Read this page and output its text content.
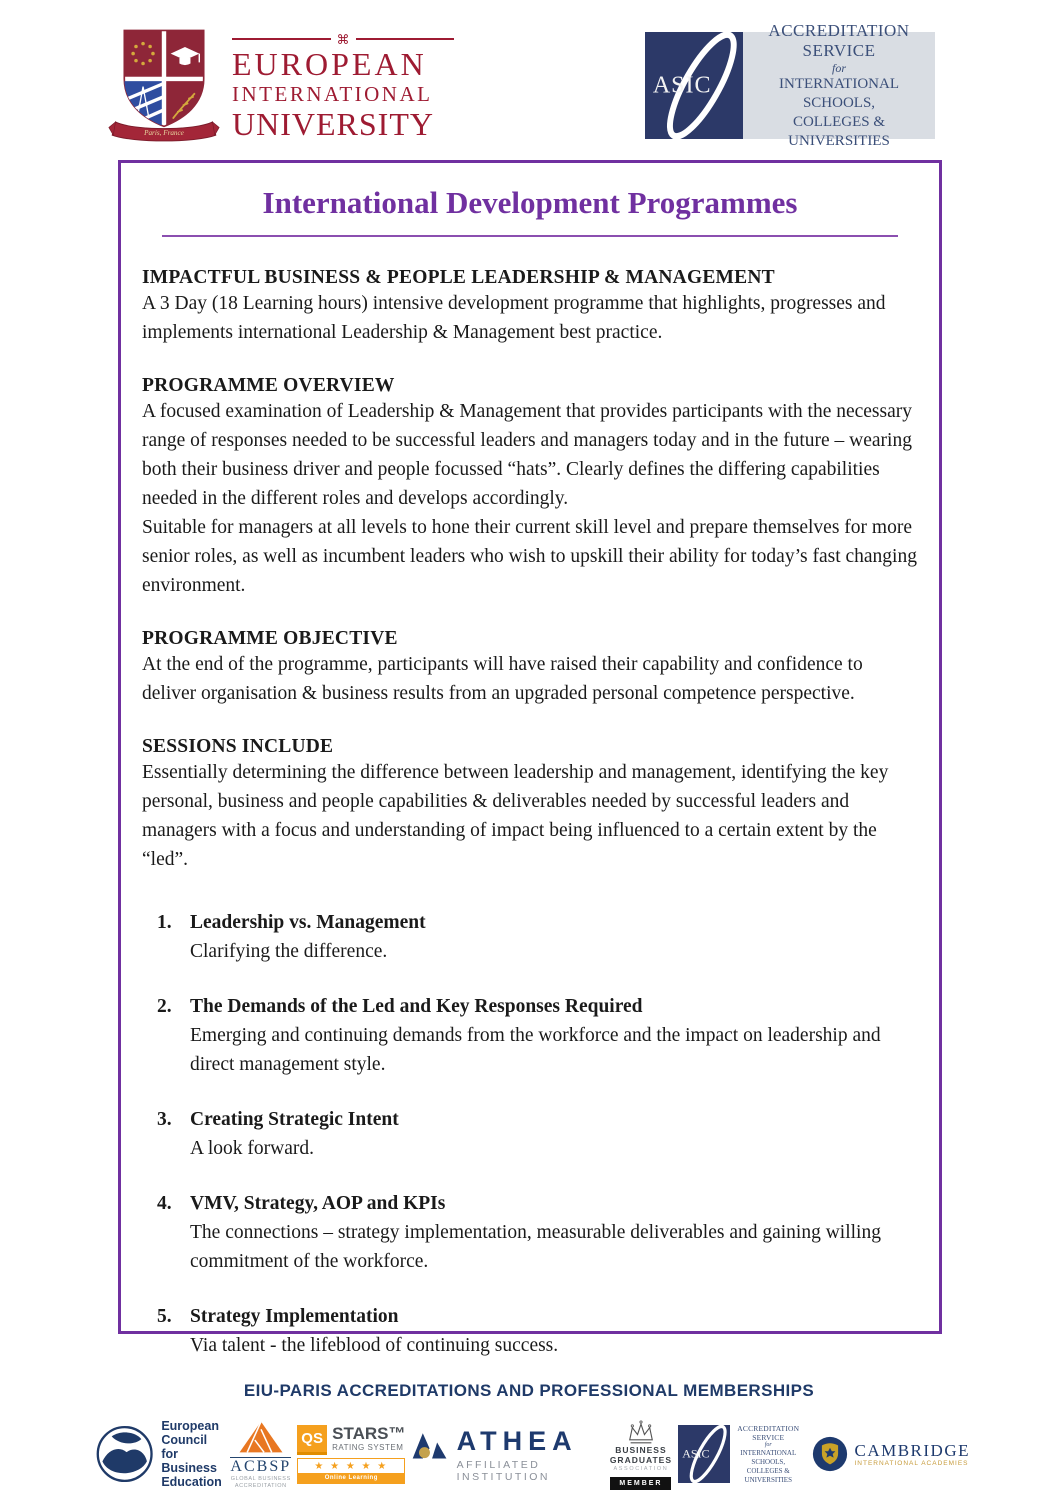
Paris, France
⌘
EUROPEAN
INTERNATIONAL
UNIVERSITY
ASIC
ACCREDITATION SERVICE
for
INTERNATIONAL SCHOOLS,
COLLEGES & UNIVERSITIES
International Development Programmes
IMPACTFUL BUSINESS & PEOPLE LEADERSHIP & MANAGEMENT

A 3 Day (18 Learning hours) intensive development programme that highlights, progresses and implements international Leadership & Management best practice.

PROGRAMME OVERVIEW

A focused examination of Leadership & Management that provides participants with the necessary range of responses needed to be successful leaders and managers today and in the future – wearing both their business driver and people focussed “hats”. Clearly defines the differing capabilities needed in the different roles and develops accordingly.

Suitable for managers at all levels to hone their current skill level and prepare themselves for more senior roles, as well as incumbent leaders who wish to upskill their ability for today’s fast changing environment.

PROGRAMME OBJECTIVE

At the end of the programme, participants will have raised their capability and confidence to deliver organisation & business results from an upgraded personal competence perspective.

SESSIONS INCLUDE

Essentially determining the difference between leadership and management, identifying the key personal, business and people capabilities & deliverables needed by successful leaders and managers with a focus and understanding of impact being influenced to a certain extent by the “led”.

1. Leadership vs. Management
Clarifying the difference.
2. The Demands of the Led and Key Responses Required
Emerging and continuing demands from the workforce and the impact on leadership and direct management style.
3. Creating Strategic Intent
A look forward.
4. VMV, Strategy, AOP and KPIs
The connections – strategy implementation, measurable deliverables and gaining willing commitment of the workforce.
5. Strategy Implementation
Via talent - the lifeblood of continuing success.
EIU-PARIS ACCREDITATIONS AND PROFESSIONAL MEMBERSHIPS
European
Council for
Business
Education
ACBSP
GLOBAL BUSINESS
ACCREDITATION
QS STARS™
RATING SYSTEM
★ ★ ★ ★ ★
Online Learning
ATHEA
AFFILIATED INSTITUTION
BUSINESS
GRADUATES
ASSOCIATION
MEMBER
ASIC
ACCREDITATION SERVICE
for
INTERNATIONAL SCHOOLS,
COLLEGES & UNIVERSITIES
CAMBRIDGE
INTERNATIONAL ACADEMIES
